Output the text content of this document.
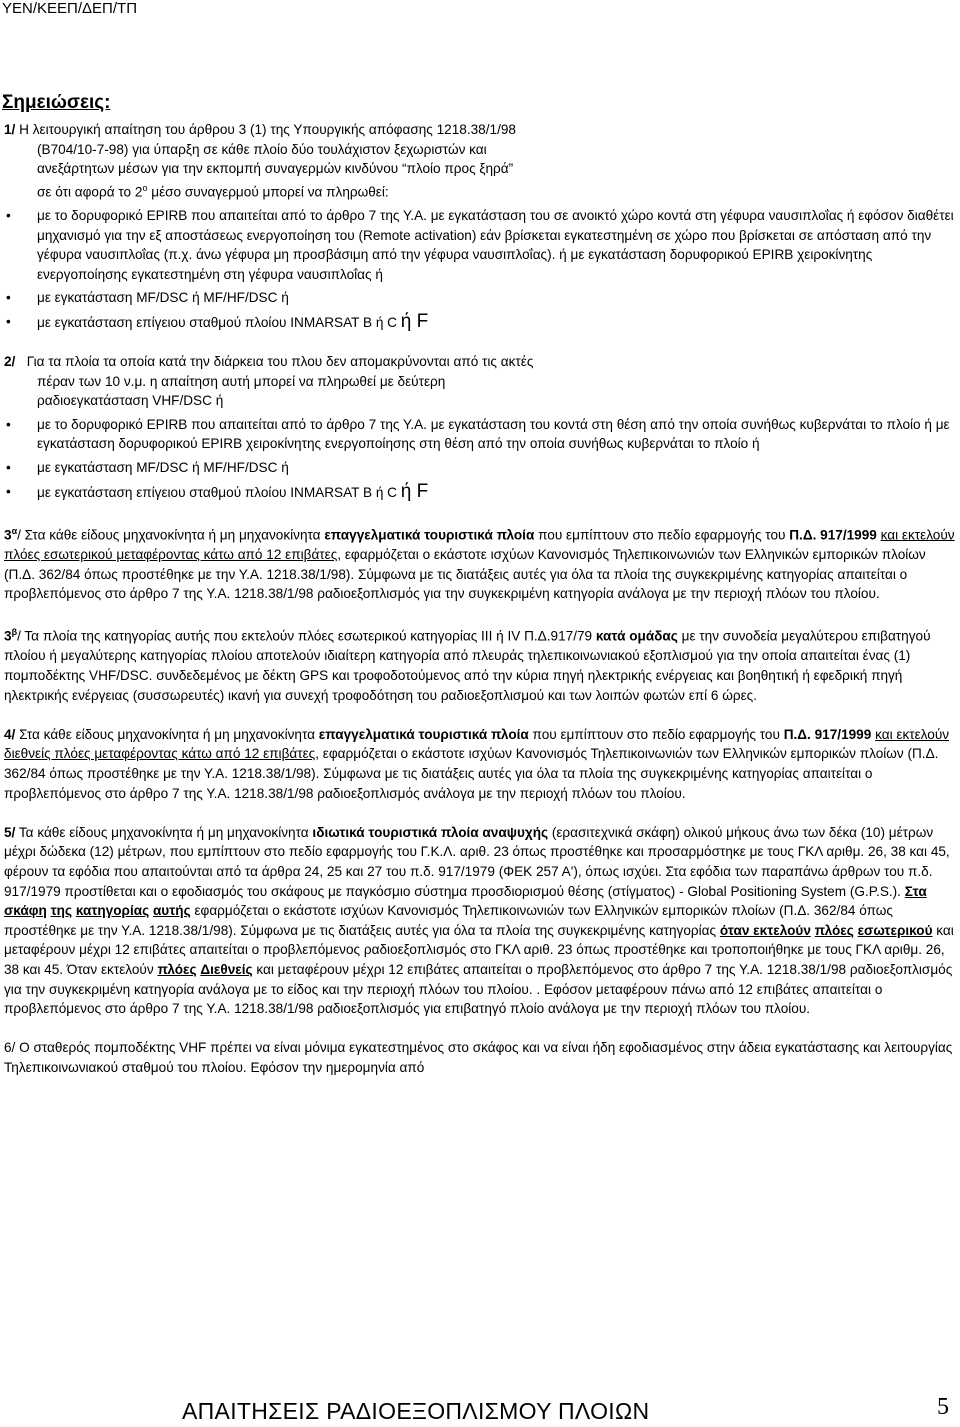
ΥΕΝ/ΚΕΕΠ/ΔΕΠ/ΤΠ
Σημειώσεις:

1/ Η λειτουργική απαίτηση του άρθρου 3 (1) της Υπουργικής απόφασης 1218.38/1/98

(B704/10-7-98) για ύπαρξη σε κάθε πλοίο δύο τουλάχιστον ξεχωριστών και

ανεξάρτητων μέσων για την εκπομπή συναγερμών κινδύνου “πλοίο προς ξηρά”

σε ότι αφορά το $2^o$ μέσο συναγερμού μπορεί να πληρωθεί:

• με το δορυφορικό EPIRB που απαιτείται από το άρθρο 7 της Υ.Α. με εγκατάσταση του σε ανοικτό χώρο κοντά στη γέφυρα ναυσιπλοΐας ή εφόσον διαθέτει μηχανισμό για την εξ αποστάσεως ενεργοποίηση του (Remote activation) εάν βρίσκεται εγκατεστημένη σε χώρο που βρίσκεται σε απόσταση από την γέφυρα ναυσιπλοΐας (π.χ. άνω γέφυρα μη προσβάσιμη από την γέφυρα ναυσιπλοΐας). ή με εγκατάσταση δορυφορικού EPIRB χειροκίνητης ενεργοποίησης εγκατεστημένη στη γέφυρα ναυσιπλοΐας ή

• με εγκατάσταση MF/DSC ή MF/HF/DSC ή

• με εγκατάσταση επίγειου σταθμού πλοίου INMARSAT B ή C ή F

2/ Για τα πλοία τα οποία κατά την διάρκεια του πλου δεν απομακρύνονται από τις ακτές

πέραν των 10 ν.μ. η απαίτηση αυτή μπορεί να πληρωθεί με δεύτερη

ραδιοεγκατάσταση VHF/DSC ή

• με το δορυφορικό EPIRB που απαιτείται από το άρθρο 7 της Υ.Α. με εγκατάσταση του κοντά στη θέση από την οποία συνήθως κυβερνάται το πλοίο ή με εγκατάσταση δορυφορικού EPIRB χειροκίνητης ενεργοποίησης στη θέση από την οποία συνήθως κυβερνάται το πλοίο ή

• με εγκατάσταση MF/DSC ή MF/HF/DSC ή

• με εγκατάσταση επίγειου σταθμού πλοίου INMARSAT B ή C ή F

$3^\alpha/$ Στα κάθε είδους μηχανοκίνητα ή μη μηχανοκίνητα επαγγελματικά τουριστικά πλοία που εμπίπτουν στο πεδίο εφαρμογής του Π.Δ. 917/1999 και εκτελούν πλόες εσωτερικού μεταφέροντας κάτω από 12 επιβάτες, εφαρμόζεται ο εκάστοτε ισχύων Κανονισμός Τηλεπικοινωνιών των Ελληνικών εμπορικών πλοίων (Π.Δ. 362/84 όπως προστέθηκε με την Υ.Α. 1218.38/1/98). Σύμφωνα με τις διατάξεις αυτές για όλα τα πλοία της συγκεκριμένης κατηγορίας απαιτείται ο προβλεπόμενος στο άρθρο 7 της Υ.Α. 1218.38/1/98 ραδιοεξοπλισμός για την συγκεκριμένη κατηγορία ανάλογα με την περιοχή πλόων του πλοίου.

$3^\beta/$ Τα πλοία της κατηγορίας αυτής που εκτελούν πλόες εσωτερικού κατηγορίας ΙΙΙ ή ΙV Π.Δ.917/79 κατά ομάδας με την συνοδεία μεγαλύτερου επιβατηγού πλοίου ή μεγαλύτερης κατηγορίας πλοίου αποτελούν ιδιαίτερη κατηγορία από πλευράς τηλεπικοινωνιακού εξοπλισμού για την οποία απαιτείται ένας (1) πομποδέκτης VHF/DSC. συνδεδεμένος με δέκτη GPS και τροφοδοτούμενος από την κύρια πηγή ηλεκτρικής ενέργειας και βοηθητική ή εφεδρική πηγή ηλεκτρικής ενέργειας (συσσωρευτές) ικανή για συνεχή τροφοδότηση του ραδιοεξοπλισμού και των λοιπών φωτών επί 6 ώρες.

4/ Στα κάθε είδους μηχανοκίνητα ή μη μηχανοκίνητα επαγγελματικά τουριστικά πλοία που εμπίπτουν στο πεδίο εφαρμογής του Π.Δ. 917/1999 και εκτελούν διεθνείς πλόες μεταφέροντας κάτω από 12 επιβάτες, εφαρμόζεται ο εκάστοτε ισχύων Κανονισμός Τηλεπικοινωνιών των Ελληνικών εμπορικών πλοίων (Π.Δ. 362/84 όπως προστέθηκε με την Υ.Α. 1218.38/1/98). Σύμφωνα με τις διατάξεις αυτές για όλα τα πλοία της συγκεκριμένης κατηγορίας απαιτείται ο προβλεπόμενος στο άρθρο 7 της Υ.Α. 1218.38/1/98 ραδιοεξοπλισμός ανάλογα με την περιοχή πλόων του πλοίου.

5/ Τα κάθε είδους μηχανοκίνητα ή μη μηχανοκίνητα ιδιωτικά τουριστικά πλοία αναψυχής (ερασιτεχνικά σκάφη) ολικού μήκους άνω των δέκα (10) μέτρων μέχρι δώδεκα (12) μέτρων, που εμπίπτουν στο πεδίο εφαρμογής του Γ.Κ.Λ. αριθ. 23 όπως προστέθηκε και προσαρμόστηκε με τους ΓΚΛ αριθμ. 26, 38 και 45, φέρουν τα εφόδια που απαιτούνται από τα άρθρα 24, 25 και 27 του π.δ. 917/1979 (ΦΕΚ 257 Α'), όπως ισχύει. Στα εφόδια των παραπάνω άρθρων του π.δ. 917/1979 προστίθεται και ο εφοδιασμός του σκάφους με παγκόσμιο σύστημα προσδιορισμού θέσης (στίγματος) - Global Positioning System (G.P.S.). Στα σκάφη της κατηγορίας αυτής εφαρμόζεται ο εκάστοτε ισχύων Κανονισμός Τηλεπικοινωνιών των Ελληνικών εμπορικών πλοίων (Π.Δ. 362/84 όπως προστέθηκε με την Υ.Α. 1218.38/1/98). Σύμφωνα με τις διατάξεις αυτές για όλα τα πλοία της συγκεκριμένης κατηγορίας όταν εκτελούν πλόες εσωτερικού και μεταφέρουν μέχρι 12 επιβάτες απαιτείται ο προβλεπόμενος ραδιοεξοπλισμός στο ΓΚΛ αριθ. 23 όπως προστέθηκε και τροποποιήθηκε με τους ΓΚΛ αριθμ. 26, 38 και 45. Όταν εκτελούν πλόες Διεθνείς και μεταφέρουν μέχρι 12 επιβάτες απαιτείται ο προβλεπόμενος στο άρθρο 7 της Υ.Α. 1218.38/1/98 ραδιοεξοπλισμός για την συγκεκριμένη κατηγορία ανάλογα με το είδος και την περιοχή πλόων του πλοίου. . Εφόσον μεταφέρουν πάνω από 12 επιβάτες απαιτείται ο προβλεπόμενος στο άρθρο 7 της Υ.Α. 1218.38/1/98 ραδιοεξοπλισμός για επιβατηγό πλοίο ανάλογα με την περιοχή πλόων του πλοίου.

6/ Ο σταθερός πομποδέκτης VHF πρέπει να είναι μόνιμα εγκατεστημένος στο σκάφος και να είναι ήδη εφοδιασμένος στην άδεια εγκατάστασης και λειτουργίας Τηλεπικοινωνιακού σταθμού του πλοίου. Εφόσον την ημερομηνία από

ΑΠΑΙΤΗΣΕΙΣ ΡΑΔΙΟΕΞΟΠΛΙΣΜΟΥ ΠΛΟΙΩΝ	5
